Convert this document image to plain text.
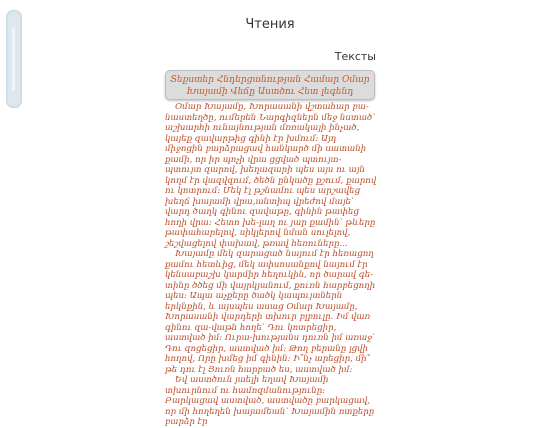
Чтения
Тексты
Տեքստեր Հնդերցանության Համար Օմար
Խայամի Վեճը Աստծու Հետ լեգենդ

Օմար Խայամը, Խորասանի վշտահար բա-նաստեղծը, ումերեն Նարգիզներն մեջ նստած՝ աշխարհի ունայնության մռռակայի ինչած, կայեք զավարթից գինի էր խմում։ Այդ միջոցին բարձրացավ հանկարծ մի սատանի քամի, որ իր պոչի վրա ցցված պտույտ-պտույտ զարով, խեղազարի պես այս ու այն կողմ էր վազվզում, ծեծն ընկածը քշում, քարով ու կոտրում։ Մեկ էլ թշնամու պես արշավեց խեղճ խայամի վրա,անտիպ վրեժով մայե՝ վարդ ծաղկ գինու զավաթը, գինին թափեց հողի վրա։ Հետո խե-լաղ ու յար քամին՝ թևերը թափահարելով, սիկլերով նման սուլելով, շեշվացելով փախավ, թռավ հեռուները...

Խայամը մեկ զարացած նայում էր հեռացող քամու հետևից, մեկ ափսոսանքով նայում էր կենսաբաշխ կարմիր հեղուկին, որ ծարավ գե-տինը ծծեց մի վայրկյանում, քուռն հարբեցողի պես։ Ապա աչքերը ծածկ կապույտներն երկնքին, և այսպես ասաց Օմար Խայամը, Խորասանի վարդերի տխուր բլբուլը. Իմ վառ գինու զա-վաթն հողե՝ Դու կոտրեցիր, աստված իմ։ Ուրա-խությանս դուռն իմ առաջ՝ Դու զոցեցիր, աստված իմ։ Թող բերանը լցվի հողով, Որը խմեց իմ գինին։ Ի՞նչ արեցիր, մի՞ թե դու էլ Յուռն հարբած ես, աստված իմ։

Եվ աստծուն յաելի եղավ Խայամի տխուրնում ու համոզմանությունը։ Բարկացավ աստված, աստվածը բարկացավ, որ մի հողեղեն խայամեան՝ Խայամին ոտքերը բարձր էր
